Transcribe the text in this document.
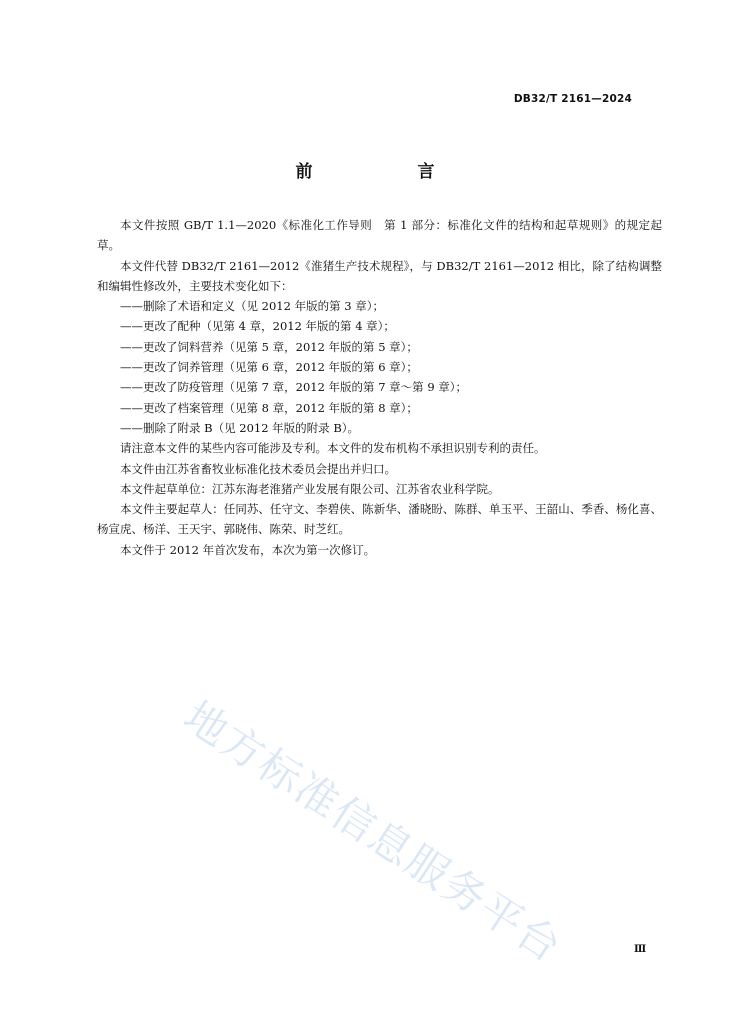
DB32/T 2161—2024
前　言

本文件按照 GB/T 1.1—2020《标准化工作导则　第 1 部分：标准化文件的结构和起草规则》的规定起草。

本文件代替 DB32/T 2161—2012《淮猪生产技术规程》，与 DB32/T 2161—2012 相比，除了结构调整和编辑性修改外，主要技术变化如下：

——删除了术语和定义（见 2012 年版的第 3 章）；
——更改了配种（见第 4 章，2012 年版的第 4 章）；
——更改了饲料营养（见第 5 章，2012 年版的第 5 章）；
——更改了饲养管理（见第 6 章，2012 年版的第 6 章）；
——更改了防疫管理（见第 7 章，2012 年版的第 7 章～第 9 章）；
——更改了档案管理（见第 8 章，2012 年版的第 8 章）；
——删除了附录 B（见 2012 年版的附录 B）。

请注意本文件的某些内容可能涉及专利。本文件的发布机构不承担识别专利的责任。

本文件由江苏省畜牧业标准化技术委员会提出并归口。

本文件起草单位：江苏东海老淮猪产业发展有限公司、江苏省农业科学院。

本文件主要起草人：任同苏、任守文、李碧侠、陈新华、潘晓盼、陈群、单玉平、王韶山、季香、杨化喜、杨宣虎、杨洋、王天宇、郭晓伟、陈荣、时芝红。

本文件于 2012 年首次发布，本次为第一次修订。

地方标准信息服务平台	Ⅲ
